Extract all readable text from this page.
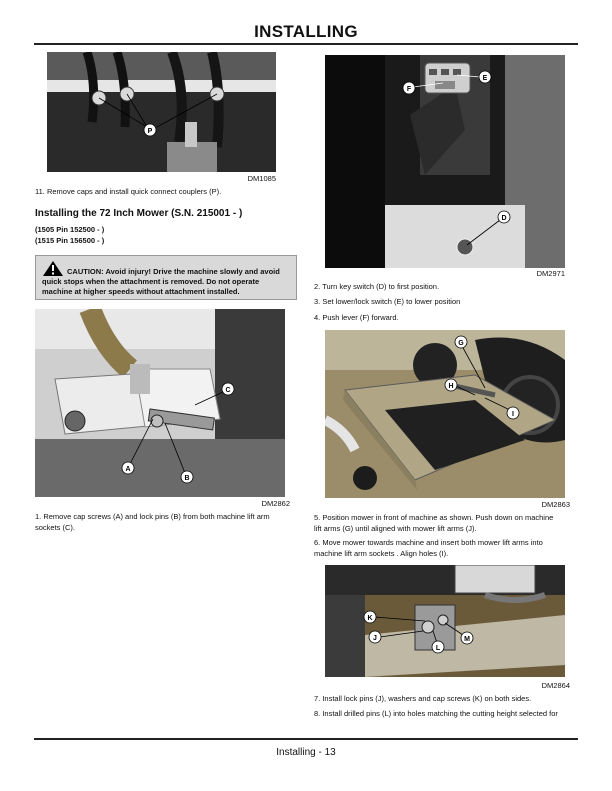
INSTALLING
P
DM1085
11. Remove caps and install quick connect couplers (P).
Installing the 72 Inch Mower (S.N. 215001 - )
(1505 Pin 152500 - )
(1515 Pin 156500 - )
CAUTION: Avoid injury! Drive the machine slowly and avoid
quick stops when the attachment is removed. Do not operate
machine at higher speeds without attachment installed.
C
A
B
DM2862
1. Remove cap screws (A) and lock pins (B) from both machine lift arm
sockets (C).
F
E
D
DM2971
2. Turn key switch (D) to first position.
3. Set lower/lock switch (E) to lower position
4. Push lever (F) forward.
G
H
I
DM2863
5. Position mower in front of machine as shown. Push down on machine
lift arms (G) until aligned with mower lift arms (J).
6. Move mower towards machine and insert both mower lift arms into
machine lift arm sockets . Align holes (I).
K
J	M
L
DM2864
7. Install lock pins (J), washers and cap screws (K) on both sides.
8. Install drilled pins (L) into holes matching the cutting height selected for
Installing - 13
